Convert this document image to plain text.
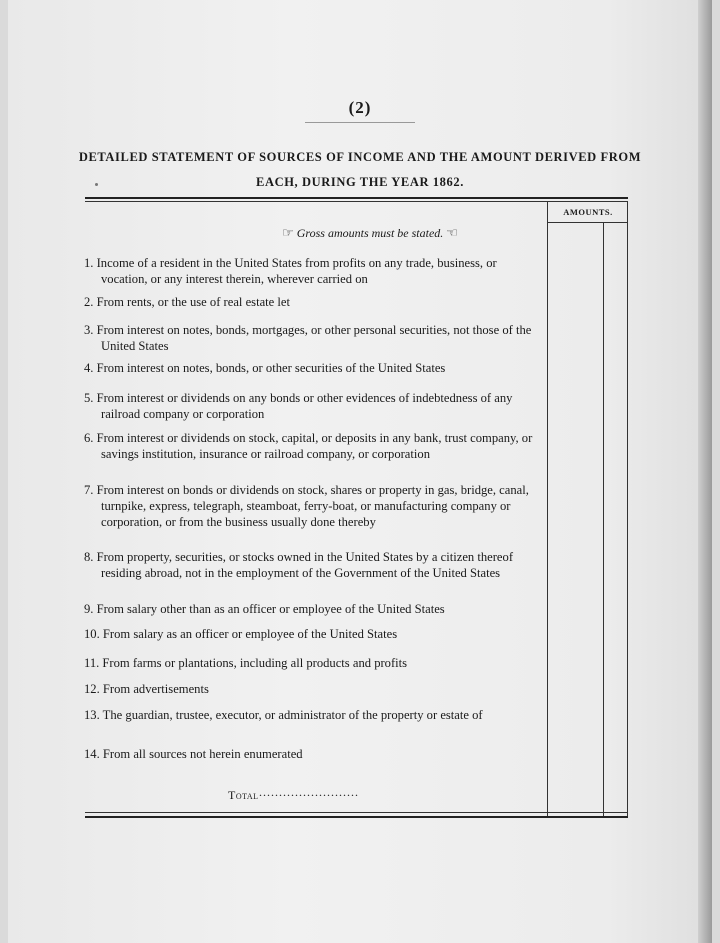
(2)
DETAILED STATEMENT OF SOURCES OF INCOME AND THE AMOUNT DERIVED FROM
EACH, DURING THE YEAR 1862.
AMOUNTS.
☞ Gross amounts must be stated. ☜
1. Income of a resident in the United States from profits on any trade, business, or vocation, or any interest therein, wherever carried on
2. From rents, or the use of real estate let
3. From interest on notes, bonds, mortgages, or other personal securities, not those of the United States
4. From interest on notes, bonds, or other securities of the United States
5. From interest or dividends on any bonds or other evidences of indebtedness of any railroad company or corporation
6. From interest or dividends on stock, capital, or deposits in any bank, trust company, or savings institution, insurance or railroad company, or corporation
7. From interest on bonds or dividends on stock, shares or property in gas, bridge, canal, turnpike, express, telegraph, steamboat, ferry-boat, or manufacturing company or corporation, or from the business usually done thereby
8. From property, securities, or stocks owned in the United States by a citizen thereof residing abroad, not in the employment of the Government of the United States
9. From salary other than as an officer or employee of the United States
10. From salary as an officer or employee of the United States
11. From farms or plantations, including all products and profits
12. From advertisements
13. The guardian, trustee, executor, or administrator of the property or estate of
14. From all sources not herein enumerated
Total·························
